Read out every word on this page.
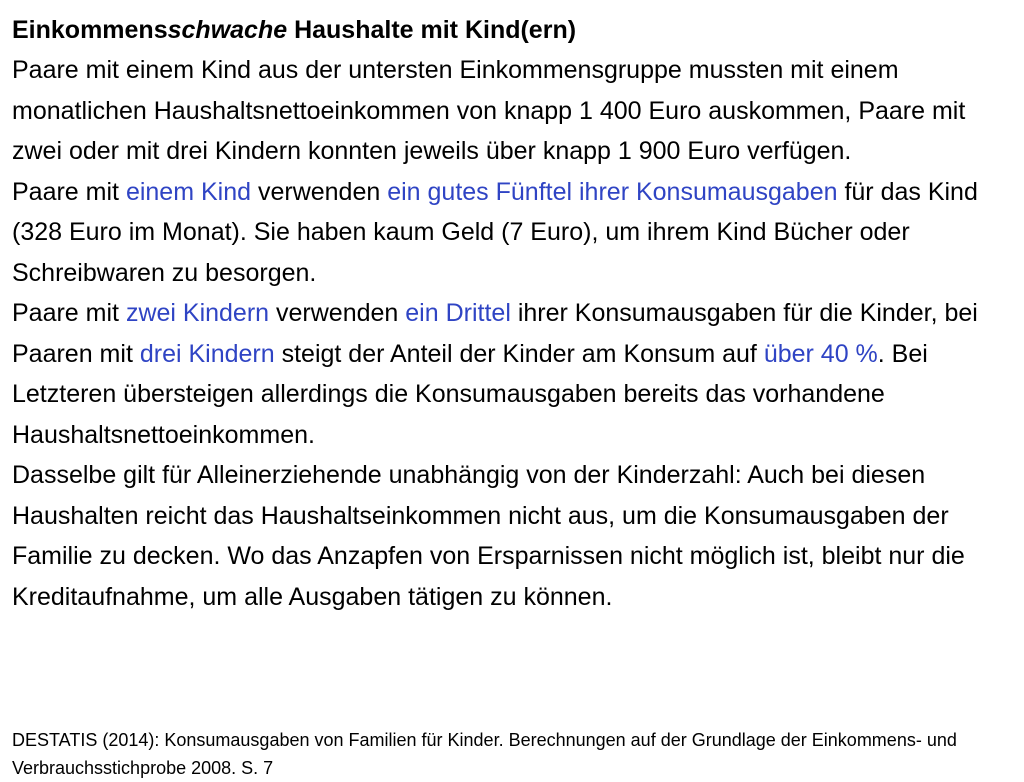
Einkommensschwache Haushalte mit Kind(ern)

Paare mit einem Kind aus der untersten Einkommensgruppe mussten mit einem monatlichen Haushaltsnettoeinkommen von knapp 1 400 Euro auskommen, Paare mit zwei oder mit drei Kindern konnten jeweils über knapp 1 900 Euro verfügen.

Paare mit einem Kind verwenden ein gutes Fünftel ihrer Konsumausgaben für das Kind (328 Euro im Monat). Sie haben kaum Geld (7 Euro), um ihrem Kind Bücher oder Schreibwaren zu besorgen.

Paare mit zwei Kindern verwenden ein Drittel ihrer Konsumausgaben für die Kinder, bei Paaren mit drei Kindern steigt der Anteil der Kinder am Konsum auf über 40 %. Bei Letzteren übersteigen allerdings die Konsumausgaben bereits das vorhandene Haushaltsnettoeinkommen.

Dasselbe gilt für Alleinerziehende unabhängig von der Kinderzahl: Auch bei diesen Haushalten reicht das Haushaltseinkommen nicht aus, um die Konsumausgaben der Familie zu decken. Wo das Anzapfen von Ersparnissen nicht möglich ist, bleibt nur die Kreditaufnahme, um alle Ausgaben tätigen zu können.

DESTATIS (2014): Konsumausgaben von Familien für Kinder. Berechnungen auf der Grundlage der Einkommens- und Verbrauchsstichprobe 2008. S. 7
